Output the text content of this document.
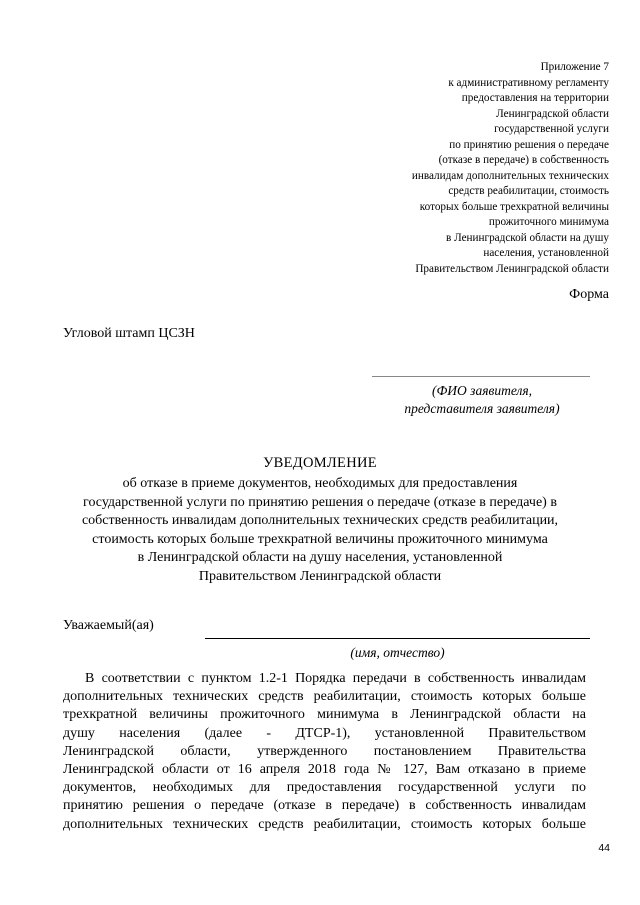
Приложение 7
к административному регламенту
предоставления на территории
Ленинградской области
государственной услуги
по принятию решения о передаче
(отказе в передаче) в собственность
инвалидам дополнительных технических
средств реабилитации, стоимость
которых больше трехкратной величины
прожиточного минимума
в Ленинградской области на душу
населения, установленной
Правительством Ленинградской области
Форма
Угловой штамп ЦСЗН
(ФИО заявителя,
представителя заявителя)
УВЕДОМЛЕНИЕ
об отказе в приеме документов, необходимых для предоставления
государственной услуги по принятию решения о передаче (отказе в передаче) в
собственность инвалидам дополнительных технических средств реабилитации,
стоимость которых больше трехкратной величины прожиточного минимума
в Ленинградской области на душу населения, установленной
Правительством Ленинградской области
Уважаемый(ая)
(имя, отчество)
В соответствии с пунктом 1.2-1 Порядка передачи в собственность инвалидам
дополнительных технических средств реабилитации, стоимость которых больше
трехкратной величины прожиточного минимума в Ленинградской области на
душу населения (далее - ДТСР-1), установленной Правительством
Ленинградской области, утвержденного постановлением Правительства
Ленинградской области от 16 апреля 2018 года № 127, Вам отказано в приеме
документов, необходимых для предоставления государственной услуги по
принятию решения о передаче (отказе в передаче) в собственность инвалидам
дополнительных технических средств реабилитации, стоимость которых больше
44
